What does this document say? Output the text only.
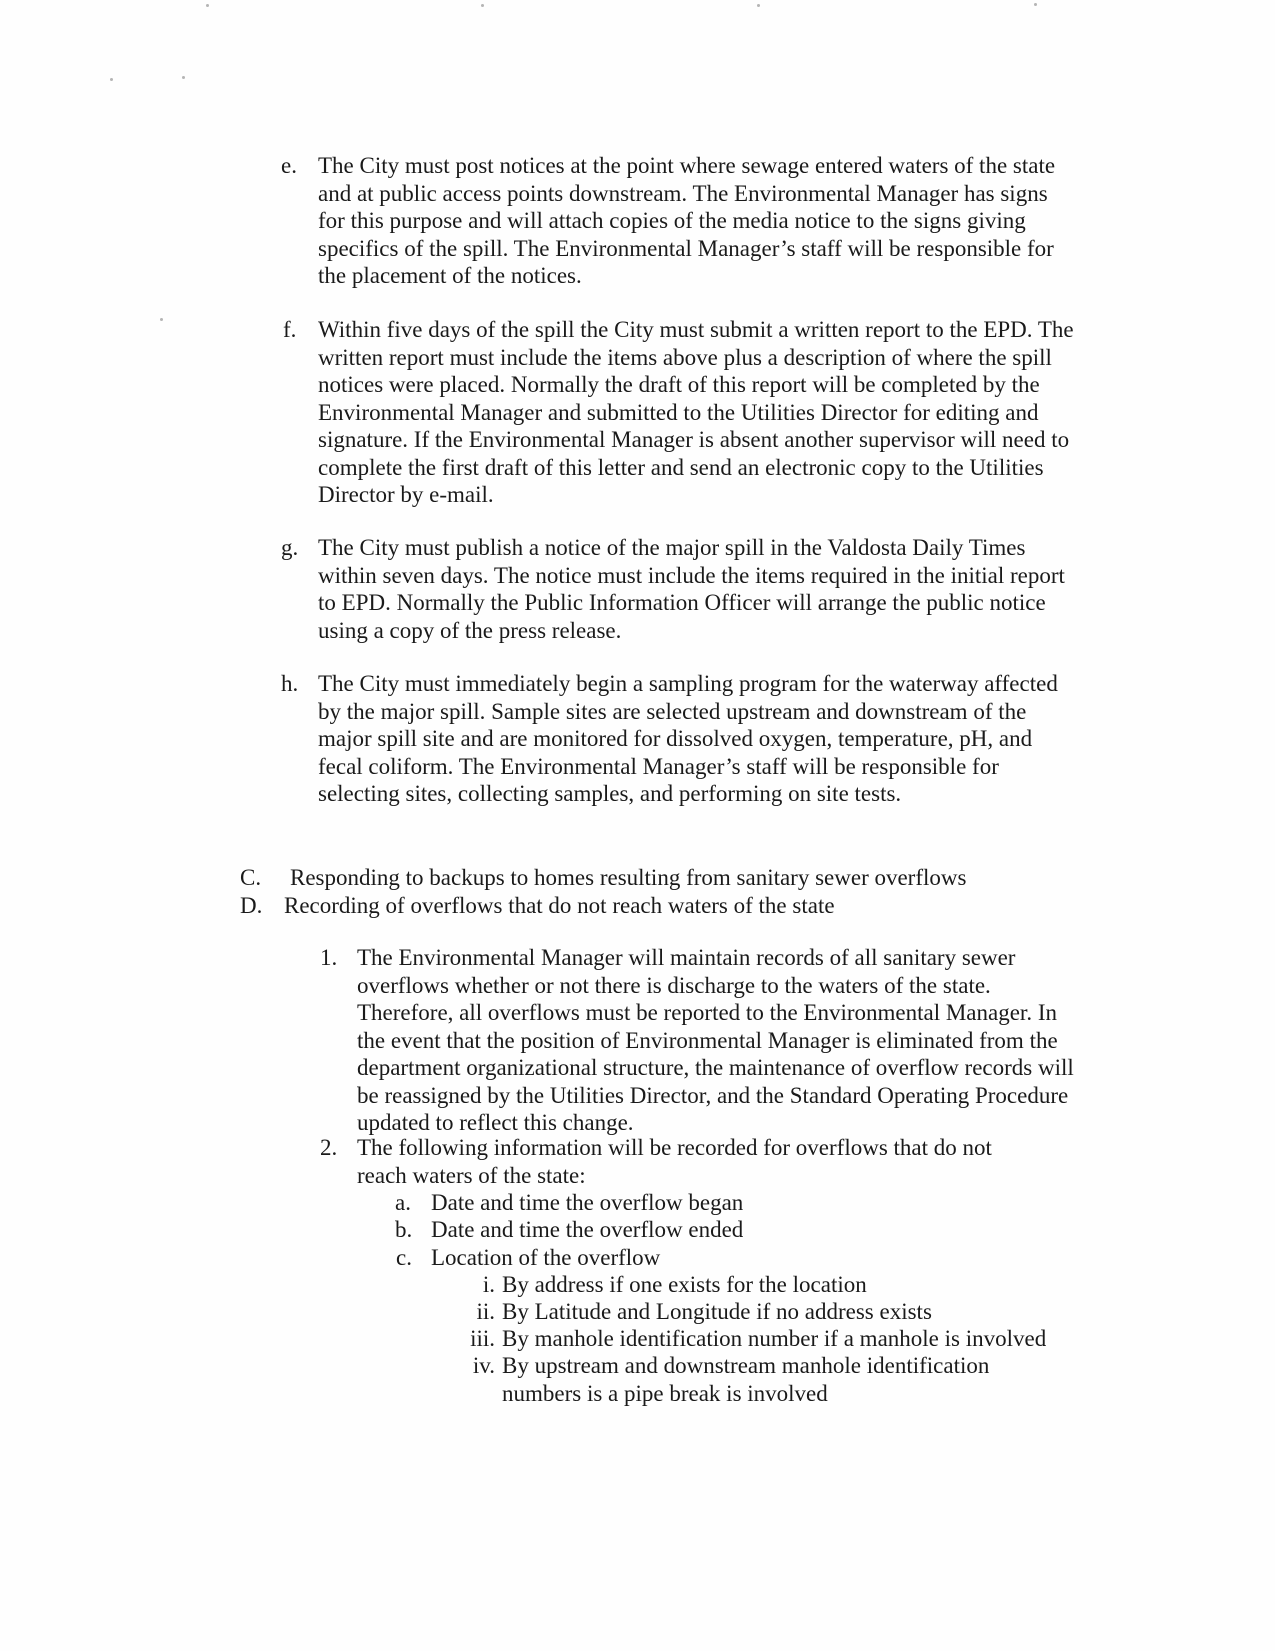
e. The City must post notices at the point where sewage entered waters of the state and at public access points downstream. The Environmental Manager has signs for this purpose and will attach copies of the media notice to the signs giving specifics of the spill. The Environmental Manager’s staff will be responsible for the placement of the notices.
f. Within five days of the spill the City must submit a written report to the EPD. The written report must include the items above plus a description of where the spill notices were placed. Normally the draft of this report will be completed by the Environmental Manager and submitted to the Utilities Director for editing and signature. If the Environmental Manager is absent another supervisor will need to complete the first draft of this letter and send an electronic copy to the Utilities Director by e-mail.
g. The City must publish a notice of the major spill in the Valdosta Daily Times within seven days. The notice must include the items required in the initial report to EPD. Normally the Public Information Officer will arrange the public notice using a copy of the press release.
h. The City must immediately begin a sampling program for the waterway affected by the major spill. Sample sites are selected upstream and downstream of the major spill site and are monitored for dissolved oxygen, temperature, pH, and fecal coliform. The Environmental Manager’s staff will be responsible for selecting sites, collecting samples, and performing on site tests.
C. Responding to backups to homes resulting from sanitary sewer overflows
D. Recording of overflows that do not reach waters of the state
1. The Environmental Manager will maintain records of all sanitary sewer overflows whether or not there is discharge to the waters of the state. Therefore, all overflows must be reported to the Environmental Manager. In the event that the position of Environmental Manager is eliminated from the department organizational structure, the maintenance of overflow records will be reassigned by the Utilities Director, and the Standard Operating Procedure updated to reflect this change.
2. The following information will be recorded for overflows that do not reach waters of the state:
a. Date and time the overflow began
b. Date and time the overflow ended
c. Location of the overflow
i. By address if one exists for the location
ii. By Latitude and Longitude if no address exists
iii. By manhole identification number if a manhole is involved
iv. By upstream and downstream manhole identification numbers is a pipe break is involved
